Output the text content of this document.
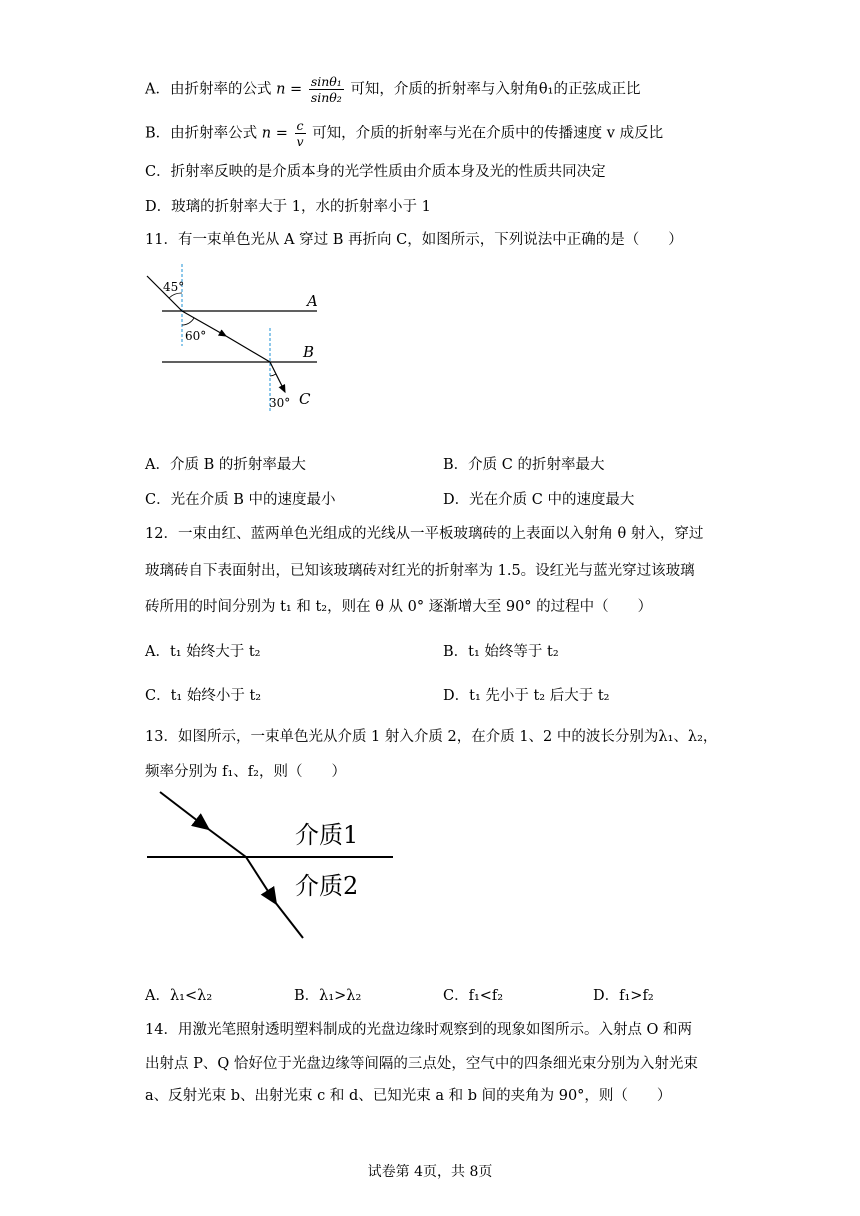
A．由折射率的公式 $n = \frac{\text{sinθ₁}}{\text{sinθ₂}}$ 可知，介质的折射率与入射角θ₁的正弦成正比
B．由折射率公式 $n = \frac{c}{v}$ 可知，介质的折射率与光在介质中的传播速度 v 成反比
C．折射率反映的是介质本身的光学性质由介质本身及光的性质共同决定
D．玻璃的折射率大于 1，水的折射率小于 1
11．有一束单色光从 A 穿过 B 再折向 C，如图所示，下列说法中正确的是（　　）
45°
60°
30°
A
B
C
A．介质 B 的折射率最大	B．介质 C 的折射率最大
C．光在介质 B 中的速度最小	D．光在介质 C 中的速度最大
12．一束由红、蓝两单色光组成的光线从一平板玻璃砖的上表面以入射角 θ 射入，穿过
玻璃砖自下表面射出，已知该玻璃砖对红光的折射率为 1.5。设红光与蓝光穿过该玻璃
砖所用的时间分别为 t₁ 和 t₂，则在 θ 从 0° 逐渐增大至 90° 的过程中（　　）
A．t₁ 始终大于 t₂	B．t₁ 始终等于 t₂
C．t₁ 始终小于 t₂	D．t₁ 先小于 t₂ 后大于 t₂
13．如图所示，一束单色光从介质 1 射入介质 2，在介质 1、2 中的波长分别为λ₁、λ₂，
频率分别为 f₁、f₂，则（　　）
介质1
介质2
A．λ₁<λ₂	B．λ₁>λ₂	C．f₁<f₂	D．f₁>f₂
14．用激光笔照射透明塑料制成的光盘边缘时观察到的现象如图所示。入射点 O 和两
出射点 P、Q 恰好位于光盘边缘等间隔的三点处，空气中的四条细光束分别为入射光束
a、反射光束 b、出射光束 c 和 d、已知光束 a 和 b 间的夹角为 90°，则（　　）
试卷第 4页，共 8页
